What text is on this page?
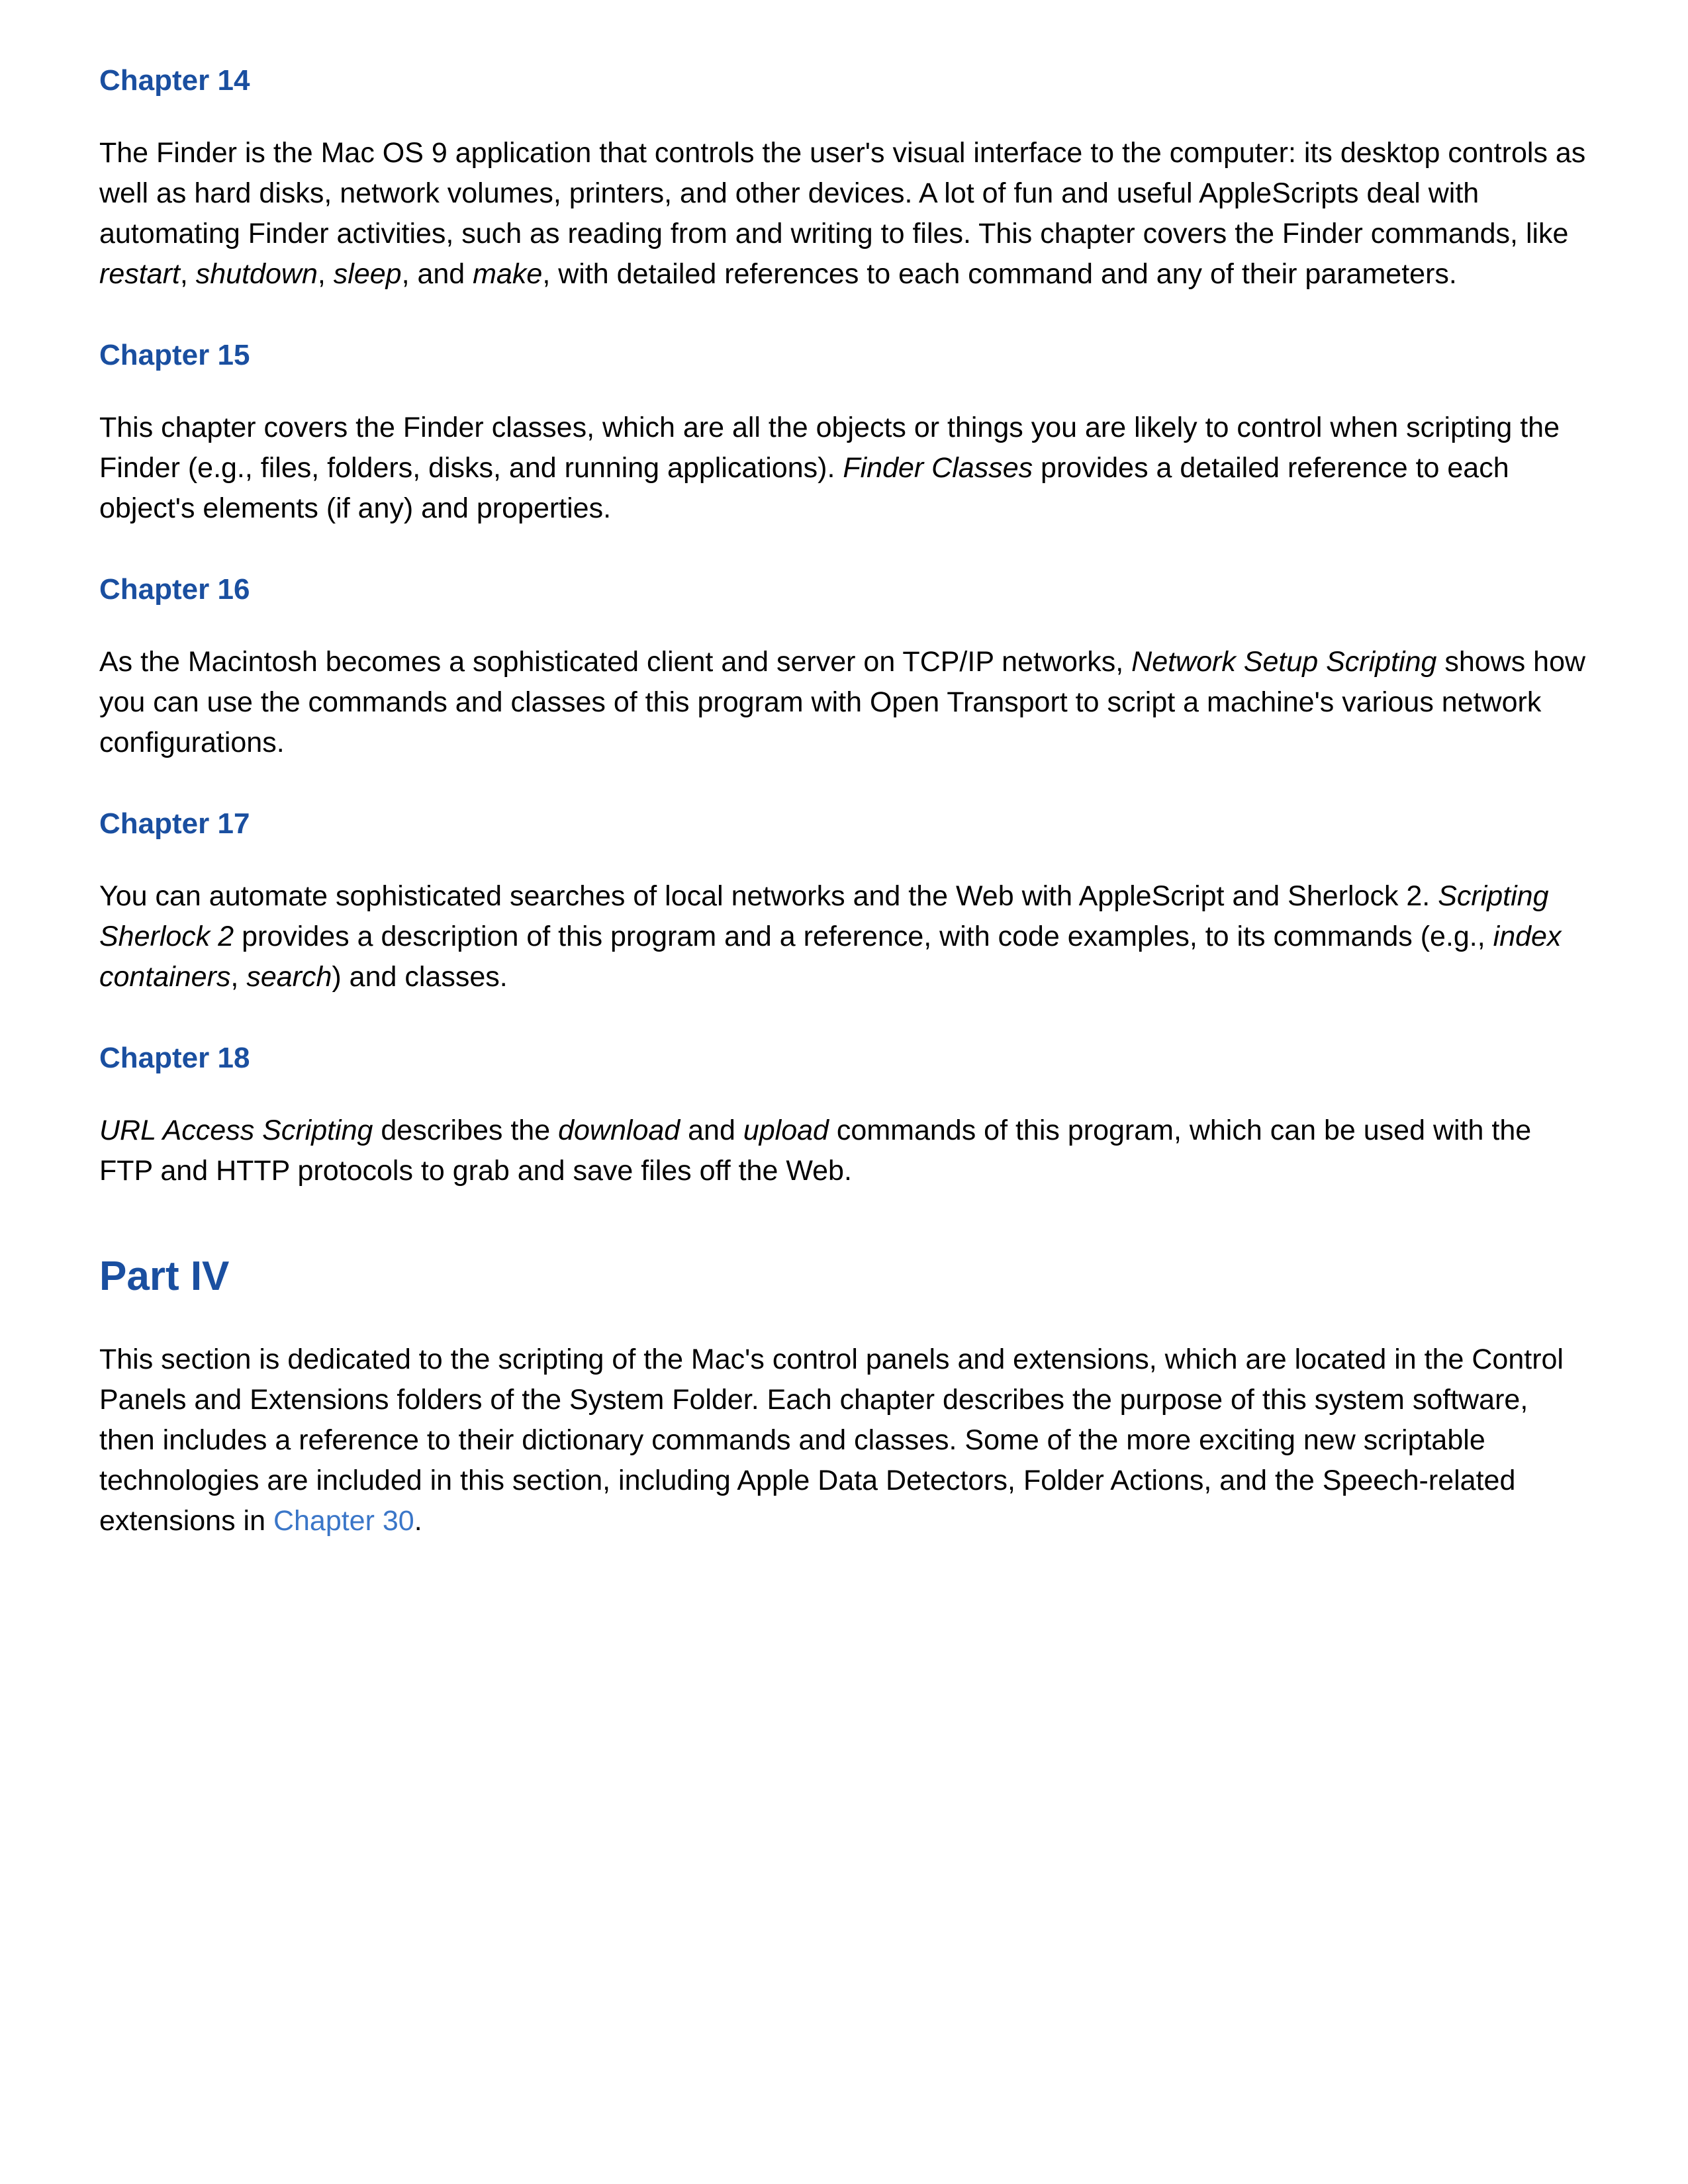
Chapter 14

The Finder is the Mac OS 9 application that controls the user's visual interface to the computer: its desktop controls as well as hard disks, network volumes, printers, and other devices. A lot of fun and useful AppleScripts deal with automating Finder activities, such as reading from and writing to files. This chapter covers the Finder commands, like restart, shutdown, sleep, and make, with detailed references to each command and any of their parameters.

Chapter 15

This chapter covers the Finder classes, which are all the objects or things you are likely to control when scripting the Finder (e.g., files, folders, disks, and running applications). Finder Classes provides a detailed reference to each object's elements (if any) and properties.

Chapter 16

As the Macintosh becomes a sophisticated client and server on TCP/IP networks, Network Setup Scripting shows how you can use the commands and classes of this program with Open Transport to script a machine's various network configurations.

Chapter 17

You can automate sophisticated searches of local networks and the Web with AppleScript and Sherlock 2. Scripting Sherlock 2 provides a description of this program and a reference, with code examples, to its commands (e.g., index containers, search) and classes.

Chapter 18

URL Access Scripting describes the download and upload commands of this program, which can be used with the FTP and HTTP protocols to grab and save files off the Web.

Part IV

This section is dedicated to the scripting of the Mac's control panels and extensions, which are located in the Control Panels and Extensions folders of the System Folder. Each chapter describes the purpose of this system software, then includes a reference to their dictionary commands and classes. Some of the more exciting new scriptable technologies are included in this section, including Apple Data Detectors, Folder Actions, and the Speech-related extensions in Chapter 30.
